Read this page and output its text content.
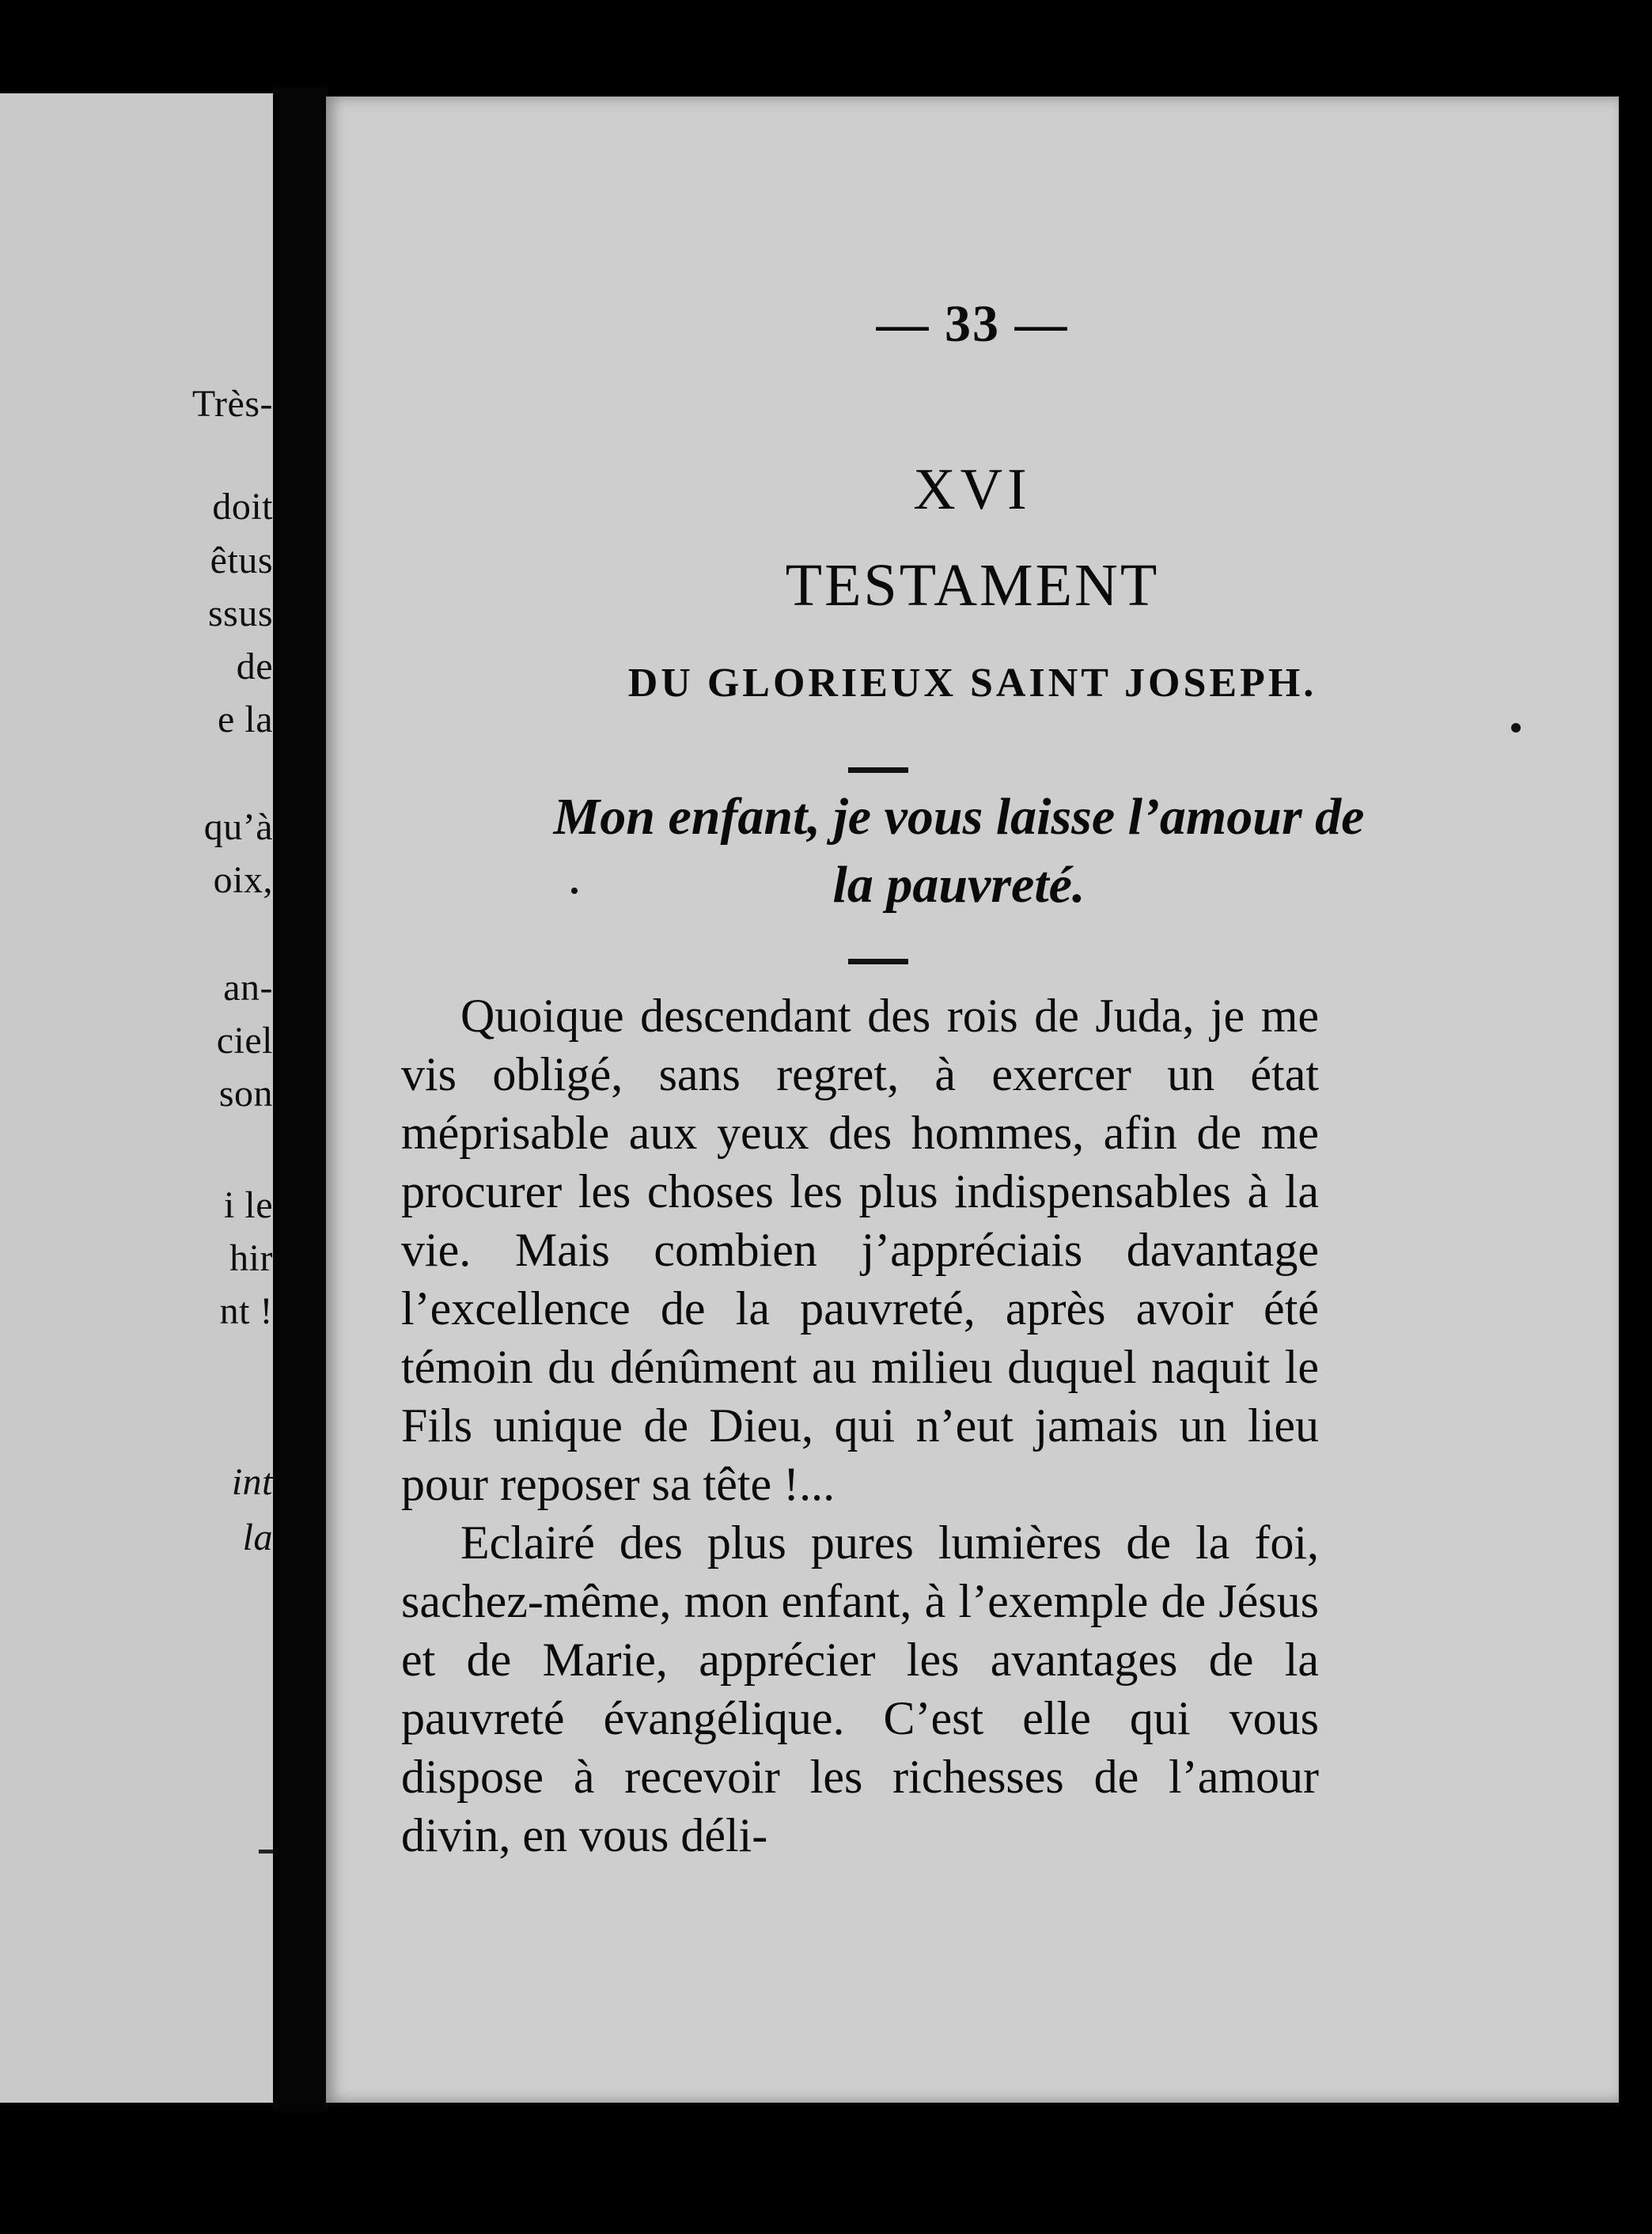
Très-
doit
êtus
ssus
de
e la
qu’à
oix,
an-
ciel
son
i le
hir
nt !
int
la
— 33 —
XVI
TESTAMENT
DU GLORIEUX SAINT JOSEPH.
Mon enfant, je vous laisse l’amour de
la pauvreté.

Quoique descendant des rois de Juda, je me vis obligé, sans regret, à exercer un état méprisable aux yeux des hommes, afin de me procurer les choses les plus indispensables à la vie. Mais combien j’appréciais davantage l’excellence de la pauvreté, après avoir été témoin du dénûment au milieu duquel naquit le Fils unique de Dieu, qui n’eut jamais un lieu pour reposer sa tête !...

Eclairé des plus pures lumières de la foi, sachez-même, mon enfant, à l’exemple de Jésus et de Marie, apprécier les avantages de la pauvreté évangélique. C’est elle qui vous dispose à recevoir les richesses de l’amour divin, en vous déli-
